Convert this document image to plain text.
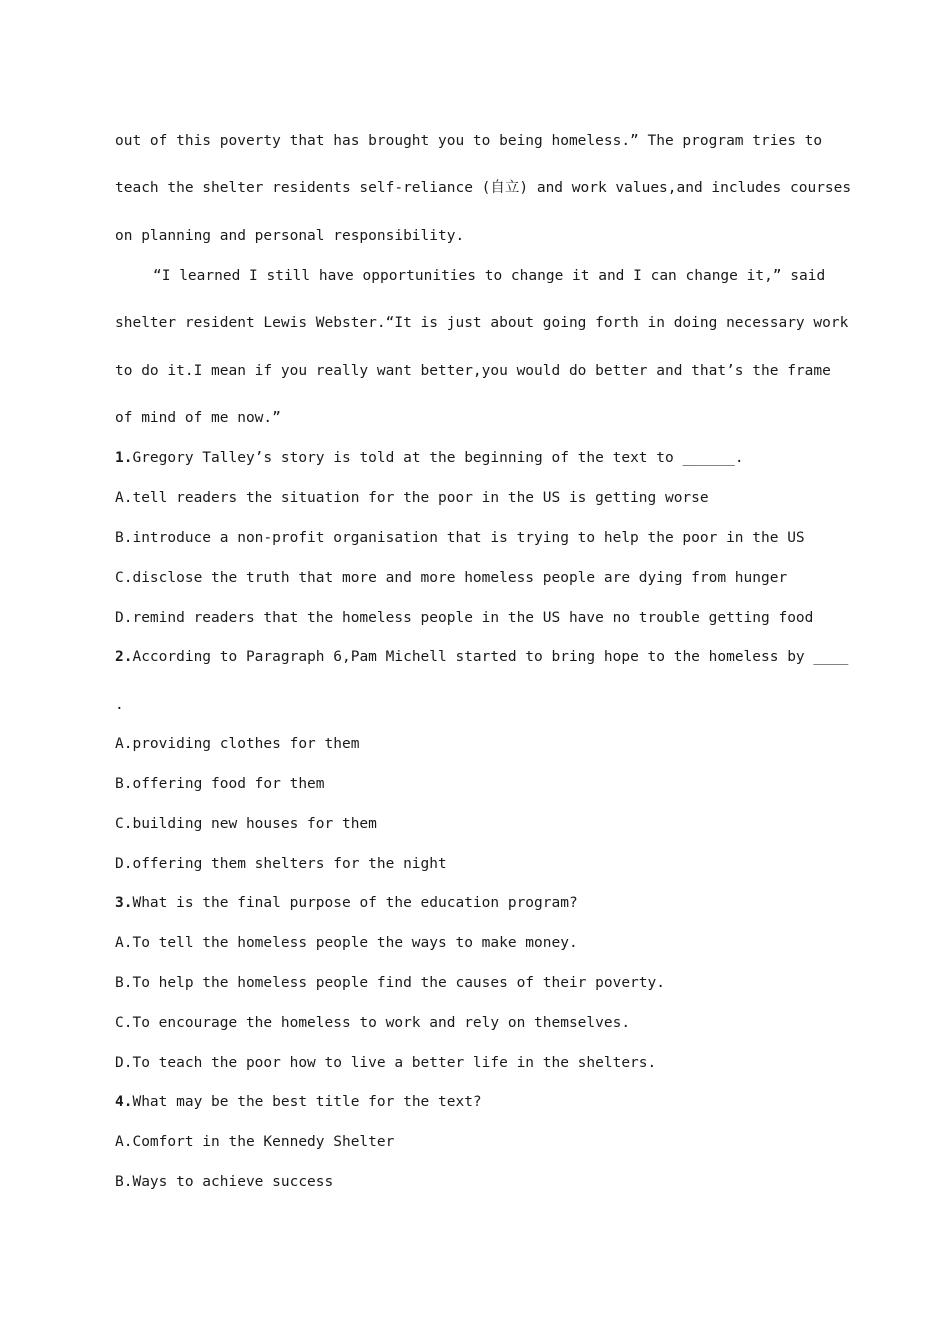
out of this poverty that has brought you to being homeless.” The program tries to
teach the shelter residents self-reliance (自立) and work values,and includes courses
on planning and personal responsibility.
“I learned I still have opportunities to change it and I can change it,” said
shelter resident Lewis Webster.“It is just about going forth in doing necessary work
to do it.I mean if you really want better,you would do better and that’s the frame
of mind of me now.”
1.Gregory Talley’s story is told at the beginning of the text to ______.
A.tell readers the situation for the poor in the US is getting worse
B.introduce a non-profit organisation that is trying to help the poor in the US
C.disclose the truth that more and more homeless people are dying from hunger
D.remind readers that the homeless people in the US have no trouble getting food
2.According to Paragraph 6,Pam Michell started to bring hope to the homeless by ____
.
A.providing clothes for them
B.offering food for them
C.building new houses for them
D.offering them shelters for the night
3.What is the final purpose of the education program?
A.To tell the homeless people the ways to make money.
B.To help the homeless people find the causes of their poverty.
C.To encourage the homeless to work and rely on themselves.
D.To teach the poor how to live a better life in the shelters.
4.What may be the best title for the text?
A.Comfort in the Kennedy Shelter
B.Ways to achieve success
